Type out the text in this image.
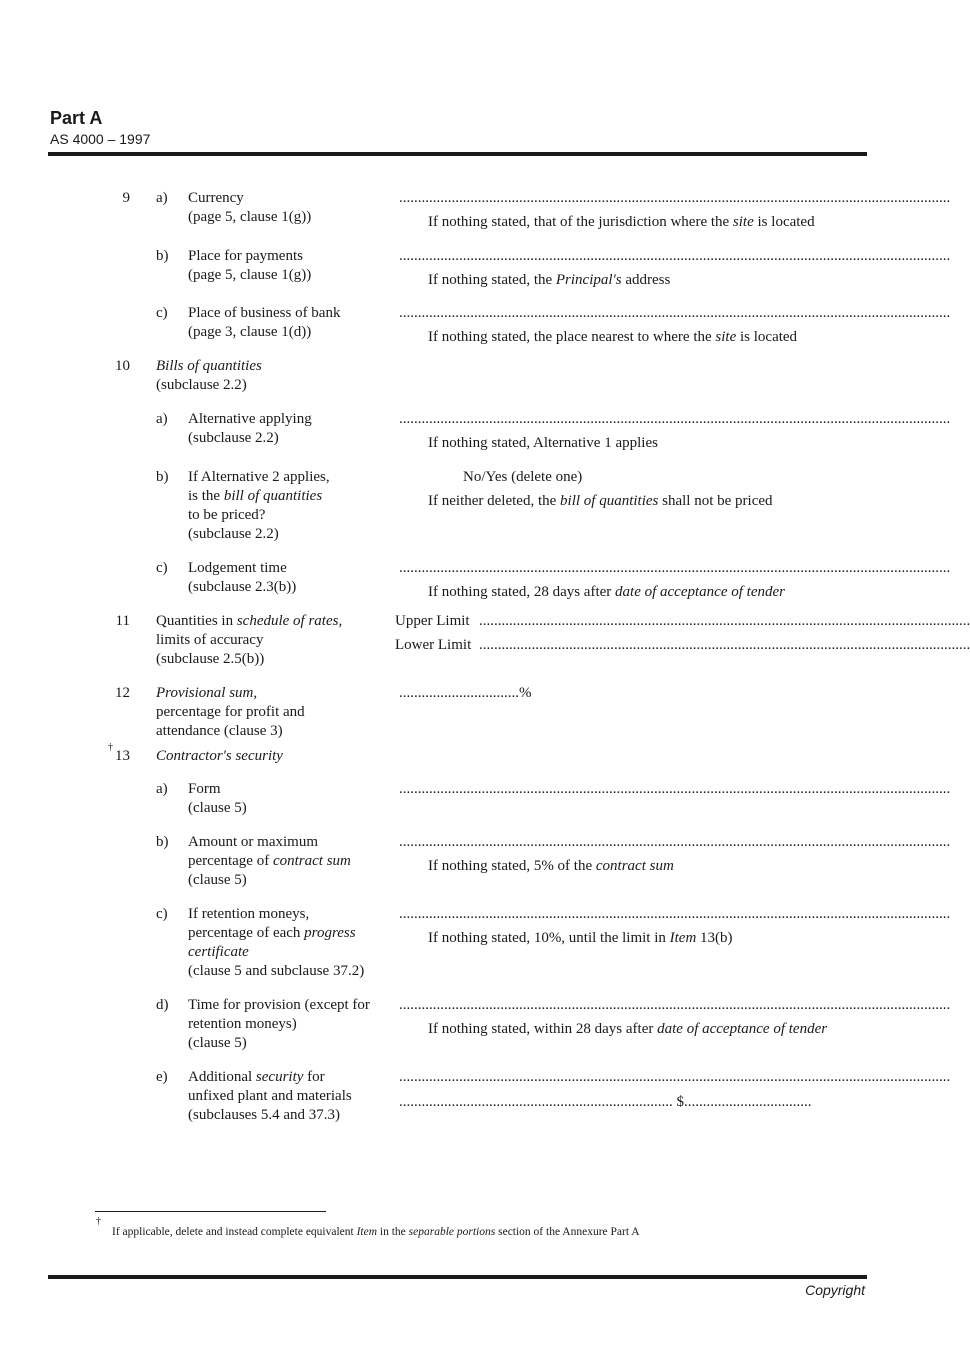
Part A
AS 4000 – 1997
9 a) Currency
(page 5, clause 1(g))
...................................................................................................................................................
If nothing stated, that of the jurisdiction where the site is located
b) Place for payments
(page 5, clause 1(g))
...................................................................................................................................................
If nothing stated, the Principal's address
c) Place of business of bank
(page 3, clause 1(d))
...................................................................................................................................................
If nothing stated, the place nearest to where the site is located
10 Bills of quantities
(subclause 2.2)
a) Alternative applying
(subclause 2.2)
...................................................................................................................................................
If nothing stated, Alternative 1 applies
b) If Alternative 2 applies,
is the bill of quantities
to be priced?
(subclause 2.2)
No/Yes (delete one)
If neither deleted, the bill of quantities shall not be priced
c) Lodgement time
(subclause 2.3(b))
...................................................................................................................................................
If nothing stated, 28 days after date of acceptance of tender
11 Quantities in schedule of rates,
limits of accuracy
(subclause 2.5(b))
Upper Limit ...................................................................................................................................
Lower Limit ...................................................................................................................................
12 Provisional sum,
percentage for profit and
attendance (clause 3)
................................%
†
13 Contractor's security
a) Form
(clause 5)
...................................................................................................................................................
b) Amount or maximum
percentage of contract sum
(clause 5)
...................................................................................................................................................
If nothing stated, 5% of the contract sum
c) If retention moneys,
percentage of each progress
certificate
(clause 5 and subclause 37.2)
...................................................................................................................................................
If nothing stated, 10%, until the limit in Item 13(b)
d) Time for provision (except for
retention moneys)
(clause 5)
...................................................................................................................................................
If nothing stated, within 28 days after date of acceptance of tender
e) Additional security for
unfixed plant and materials
(subclauses 5.4 and 37.3)
...................................................................................................................................................
......................................................................... $..................................
†
If applicable, delete and instead complete equivalent Item in the separable portions section of the Annexure Part A
Copyright
